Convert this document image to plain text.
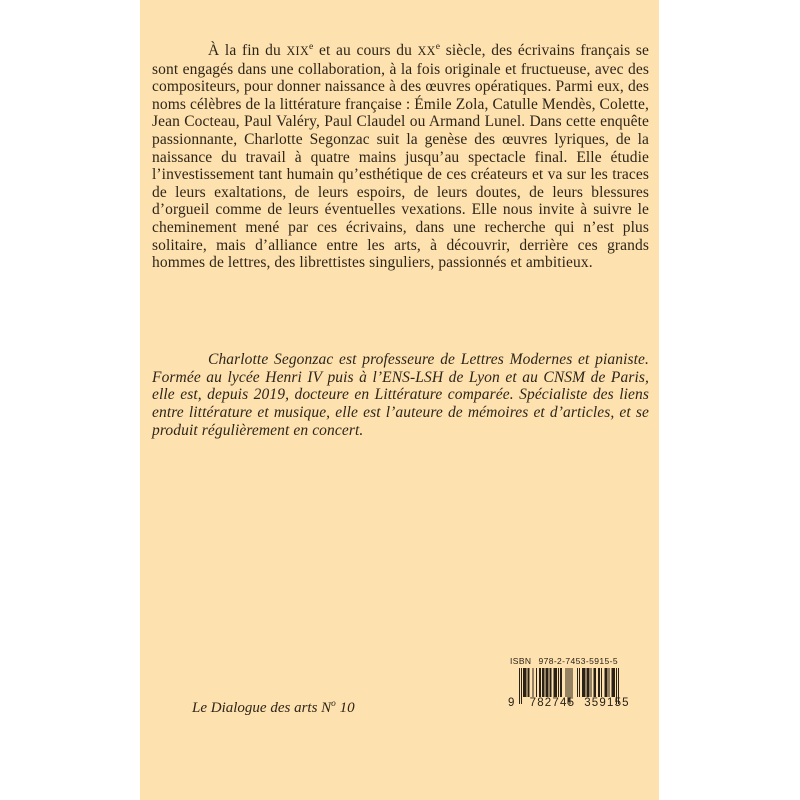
À la fin du XIXe et au cours du XXe siècle, des écrivains français se sont engagés dans une collaboration, à la fois originale et fructueuse, avec des compositeurs, pour donner naissance à des œuvres opératiques. Parmi eux, des noms célèbres de la littérature française : Émile Zola, Catulle Mendès, Colette, Jean Cocteau, Paul Valéry, Paul Claudel ou Armand Lunel. Dans cette enquête passionnante, Charlotte Segonzac suit la genèse des œuvres lyriques, de la naissance du travail à quatre mains jusqu’au spectacle final. Elle étudie l’investissement tant humain qu’esthétique de ces créateurs et va sur les traces de leurs exaltations, de leurs espoirs, de leurs doutes, de leurs blessures d’orgueil comme de leurs éventuelles vexations. Elle nous invite à suivre le cheminement mené par ces écrivains, dans une recherche qui n’est plus solitaire, mais d’alliance entre les arts, à découvrir, derrière ces grands hommes de lettres, des librettistes singuliers, passionnés et ambitieux.

Charlotte Segonzac est professeure de Lettres Modernes et pianiste. Formée au lycée Henri IV puis à l’ENS-LSH de Lyon et au CNSM de Paris, elle est, depuis 2019, docteure en Littérature comparée. Spécialiste des liens entre littérature et musique, elle est l’auteure de mémoires et d’articles, et se produit régulièrement en concert.

Le Dialogue des arts $N^o$ 10
ISBN 978-2-7453-5915-5
9 782745 359155
